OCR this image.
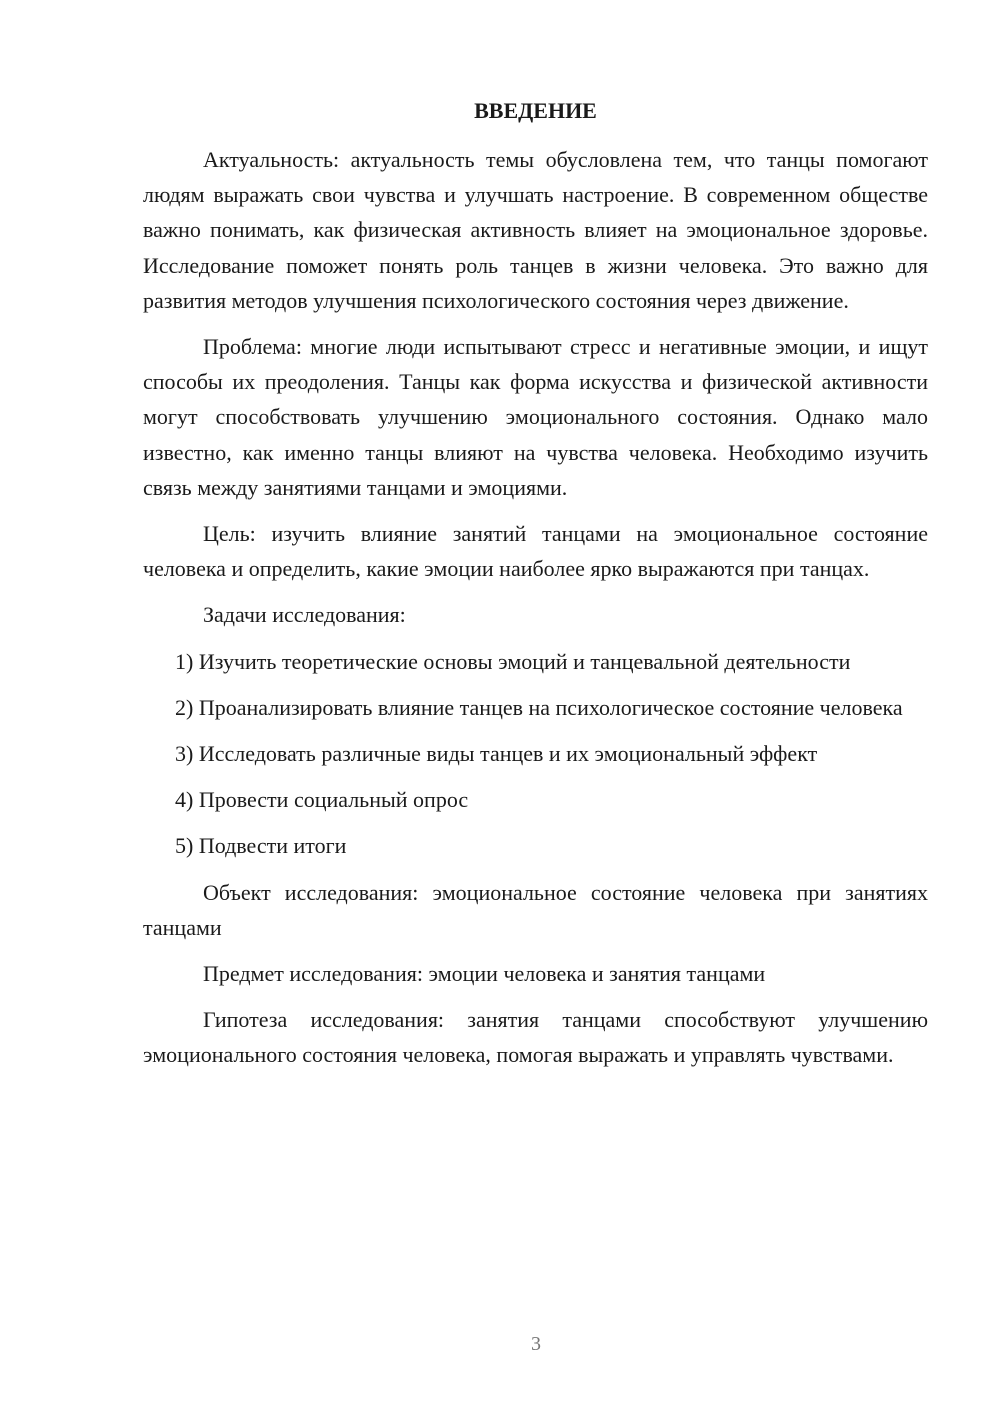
ВВЕДЕНИЕ

Актуальность: актуальность темы обусловлена тем, что танцы помогают людям выражать свои чувства и улучшать настроение. В современном обществе важно понимать, как физическая активность влияет на эмоциональное здоровье. Исследование поможет понять роль танцев в жизни человека. Это важно для развития методов улучшения психологического состояния через движение.

Проблема: многие люди испытывают стресс и негативные эмоции, и ищут способы их преодоления. Танцы как форма искусства и физической активности могут способствовать улучшению эмоционального состояния. Однако мало известно, как именно танцы влияют на чувства человека. Необходимо изучить связь между занятиями танцами и эмоциями.

Цель: изучить влияние занятий танцами на эмоциональное состояние человека и определить, какие эмоции наиболее ярко выражаются при танцах.

Задачи исследования:

1) Изучить теоретические основы эмоций и танцевальной деятельности

2) Проанализировать влияние танцев на психологическое состояние человека

3) Исследовать различные виды танцев и их эмоциональный эффект

4) Провести социальный опрос

5) Подвести итоги

Объект исследования: эмоциональное состояние человека при занятиях танцами

Предмет исследования: эмоции человека и занятия танцами

Гипотеза исследования: занятия танцами способствуют улучшению эмоционального состояния человека, помогая выражать и управлять чувствами.

3
